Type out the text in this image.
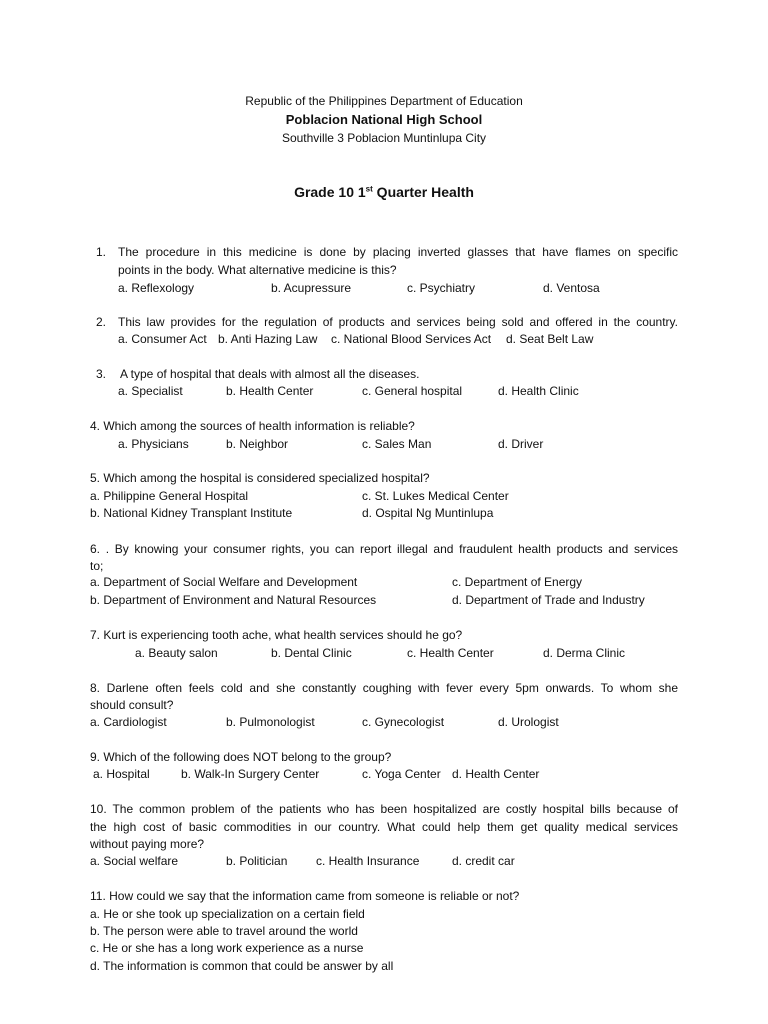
Republic of the Philippines Department of Education
Poblacion National High School
Southville 3 Poblacion Muntinlupa City
Grade 10 1st Quarter Health
1. The procedure in this medicine is done by placing inverted glasses that have flames on specific
points in the body. What alternative medicine is this?
a. Reflexology	b. Acupressure	c. Psychiatry	d. Ventosa
2. This law provides for the regulation of products and services being sold and offered in the country.
a. Consumer Act b. Anti Hazing Law c. National Blood Services Act d. Seat Belt Law
3. A type of hospital that deals with almost all the diseases.
a. Specialist	b. Health Center	c. General hospital	d. Health Clinic
4. Which among the sources of health information is reliable?
a. Physicians	b. Neighbor	c. Sales Man	d. Driver
5. Which among the hospital is considered specialized hospital?
a. Philippine General Hospital	c. St. Lukes Medical Center
b. National Kidney Transplant Institute	d. Ospital Ng Muntinlupa
6. . By knowing your consumer rights, you can report illegal and fraudulent health products and services
to;
a. Department of Social Welfare and Development	c. Department of Energy
b. Department of Environment and Natural Resources	d. Department of Trade and Industry
7. Kurt is experiencing tooth ache, what health services should he go?
a. Beauty salon	b. Dental Clinic	c. Health Center	d. Derma Clinic
8. Darlene often feels cold and she constantly coughing with fever every 5pm onwards. To whom she
should consult?
a. Cardiologist	b. Pulmonologist	c. Gynecologist	d. Urologist
9. Which of the following does NOT belong to the group?
a. Hospital	b. Walk-In Surgery Center	c. Yoga Center d. Health Center
10. The common problem of the patients who has been hospitalized are costly hospital bills because of
the high cost of basic commodities in our country. What could help them get quality medical services
without paying more?
a. Social welfare	b. Politician c. Health Insurance	d. credit car
11. How could we say that the information came from someone is reliable or not?
a. He or she took up specialization on a certain field
b. The person were able to travel around the world
c. He or she has a long work experience as a nurse
d. The information is common that could be answer by all
